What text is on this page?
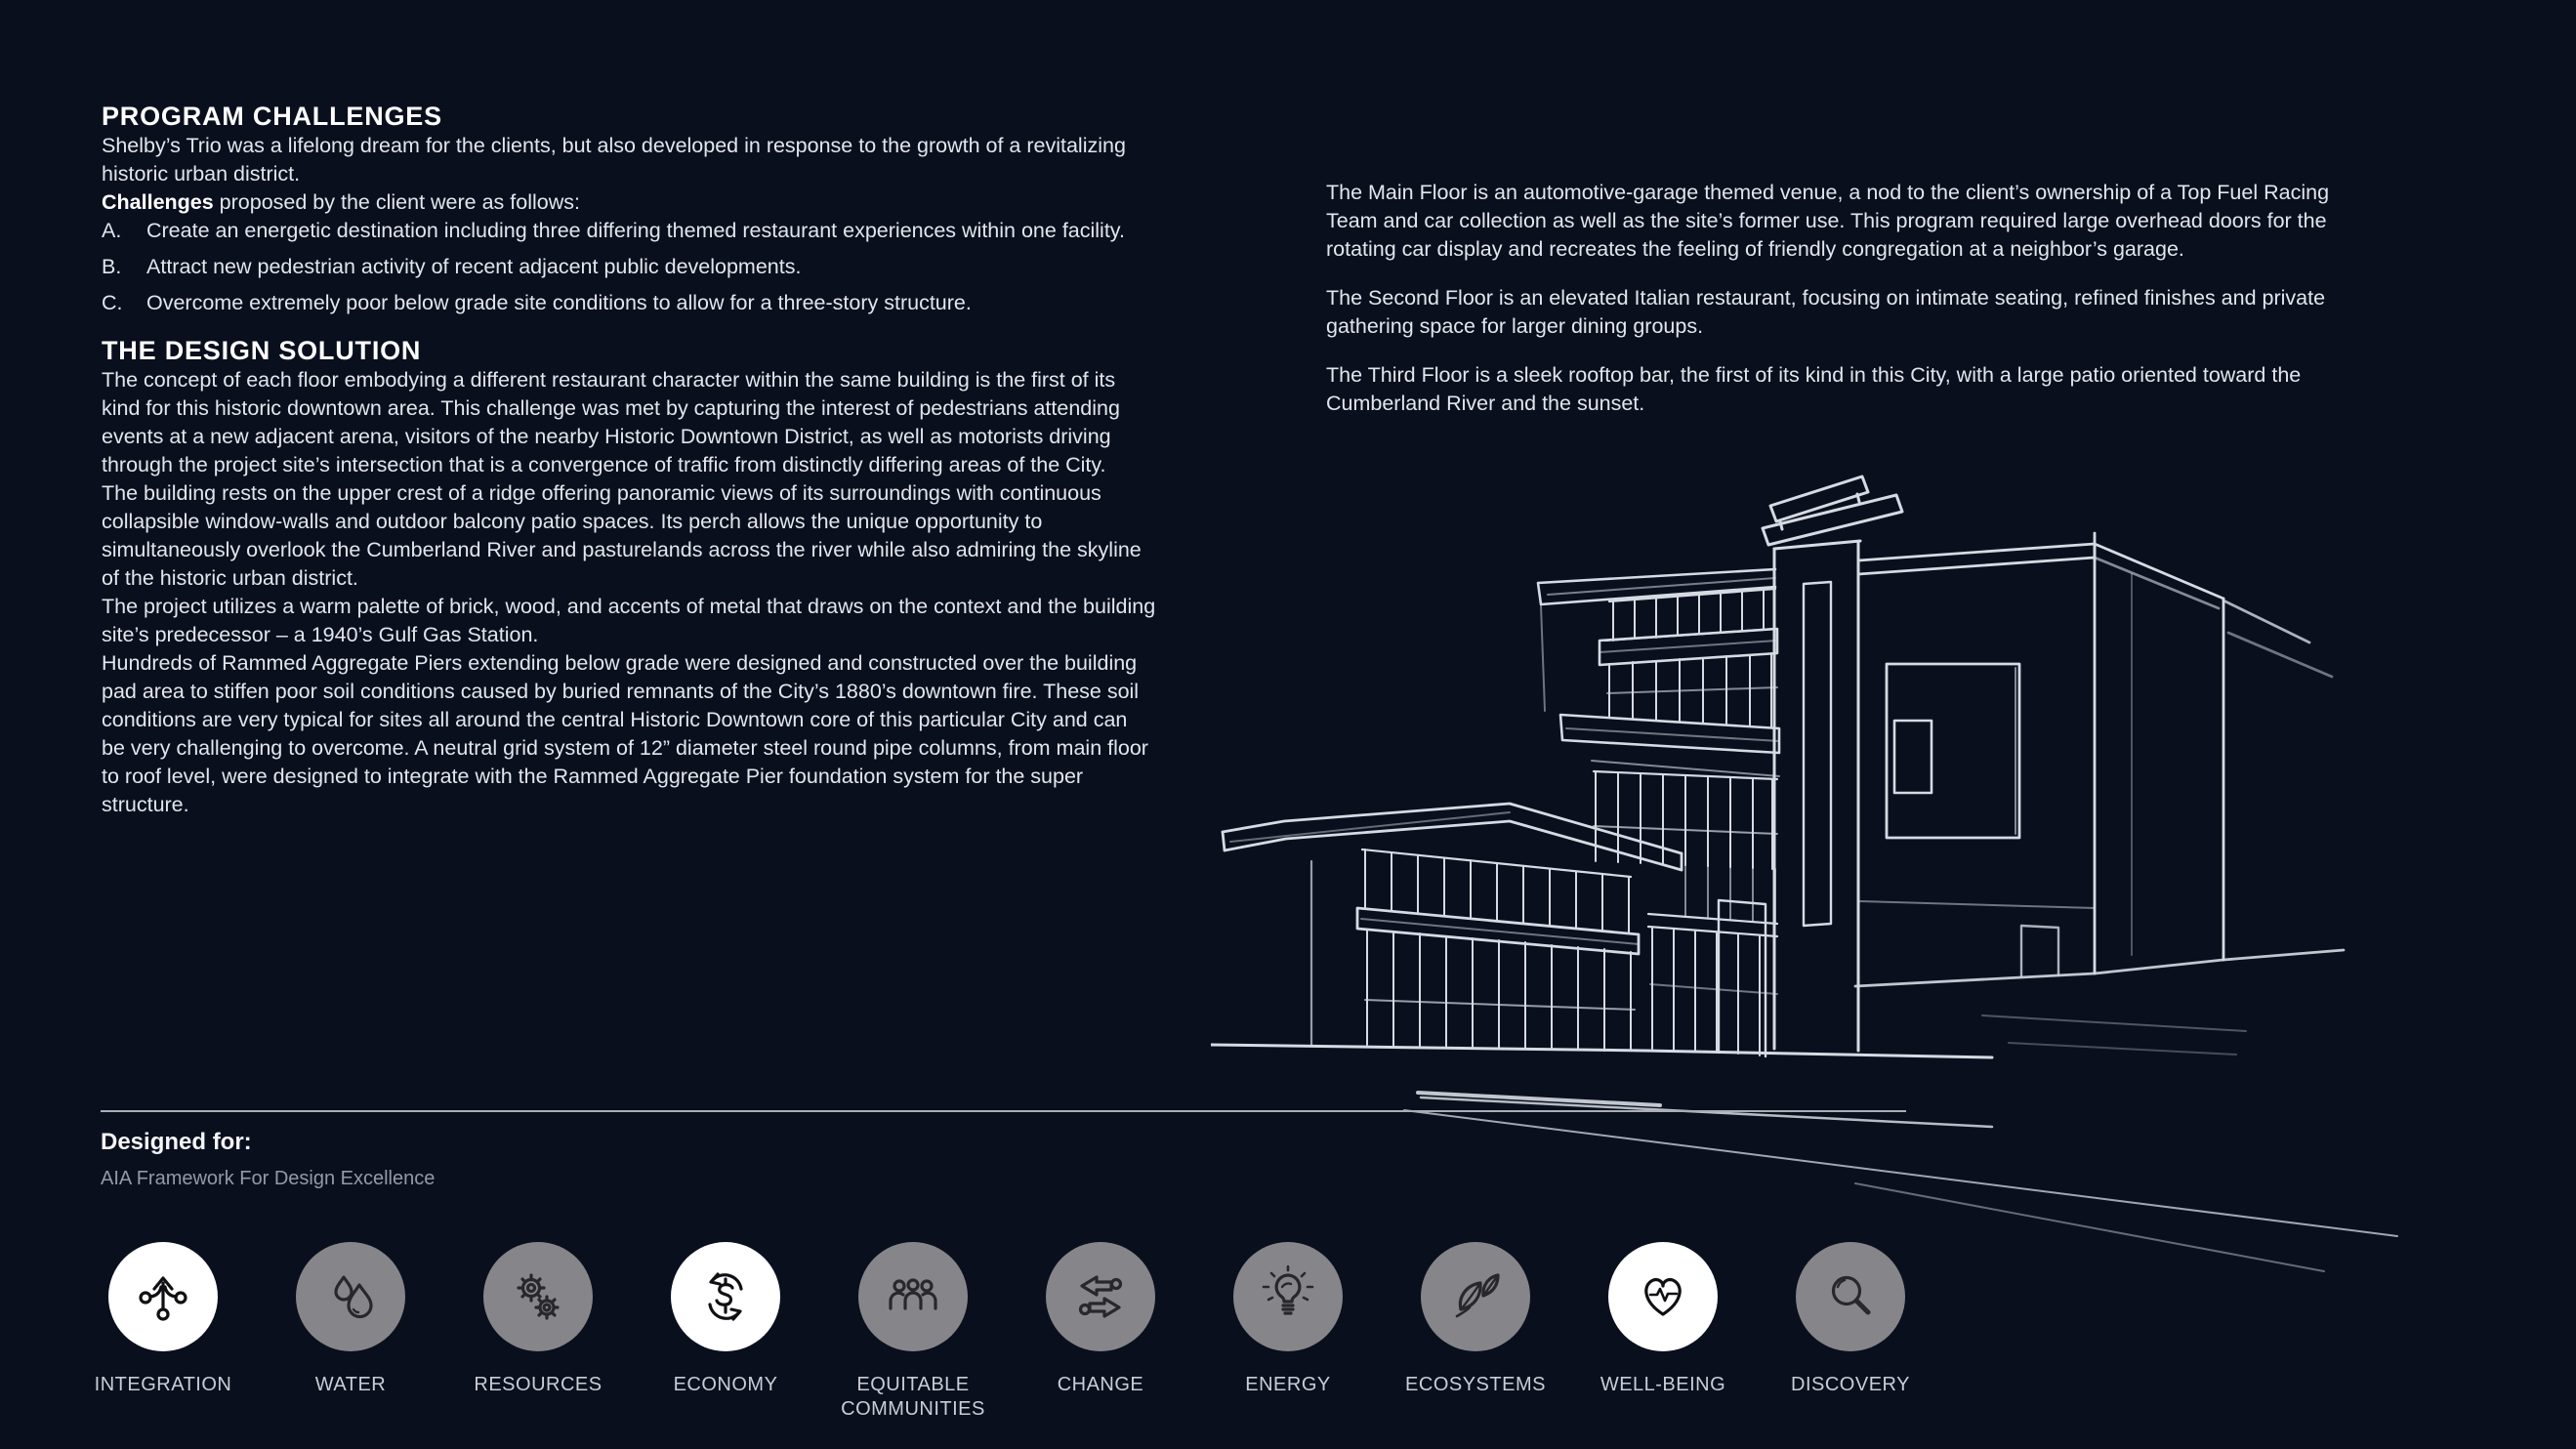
PROGRAM CHALLENGES

Shelby’s Trio was a lifelong dream for the clients, but also developed in response to the growth of a revitalizing historic urban district.

Challenges proposed by the client were as follows:

A. Create an energetic destination including three differing themed restaurant experiences within one facility.

B. Attract new pedestrian activity of recent adjacent public developments.

C. Overcome extremely poor below grade site conditions to allow for a three-story structure.

THE DESIGN SOLUTION

The concept of each floor embodying a different restaurant character within the same building is the first of its kind for this historic downtown area. This challenge was met by capturing the interest of pedestrians attending events at a new adjacent arena, visitors of the nearby Historic Downtown District, as well as motorists driving through the project site’s intersection that is a convergence of traffic from distinctly differing areas of the City.

The building rests on the upper crest of a ridge offering panoramic views of its surroundings with continuous collapsible window-walls and outdoor balcony patio spaces. Its perch allows the unique opportunity to simultaneously overlook the Cumberland River and pasturelands across the river while also admiring the skyline of the historic urban district.

The project utilizes a warm palette of brick, wood, and accents of metal that draws on the context and the building site’s predecessor – a 1940’s Gulf Gas Station.

Hundreds of Rammed Aggregate Piers extending below grade were designed and constructed over the building pad area to stiffen poor soil conditions caused by buried remnants of the City’s 1880’s downtown fire. These soil conditions are very typical for sites all around the central Historic Downtown core of this particular City and can be very challenging to overcome. A neutral grid system of 12” diameter steel round pipe columns, from main floor to roof level, were designed to integrate with the Rammed Aggregate Pier foundation system for the super structure.

The Main Floor is an automotive-garage themed venue, a nod to the client’s ownership of a Top Fuel Racing Team and car collection as well as the site’s former use. This program required large overhead doors for the rotating car display and recreates the feeling of friendly congregation at a neighbor’s garage.

The Second Floor is an elevated Italian restaurant, focusing on intimate seating, refined finishes and private gathering space for larger dining groups.

The Third Floor is a sleek rooftop bar, the first of its kind in this City, with a large patio oriented toward the Cumberland River and the sunset.

Designed for:
AIA Framework For Design Excellence
INTEGRATION	WATER	RESOURCES	ECONOMY	EQUITABLE COMMUNITIES
CHANGE	ENERGY	ECOSYSTEMS	WELL-BEING	DISCOVERY
